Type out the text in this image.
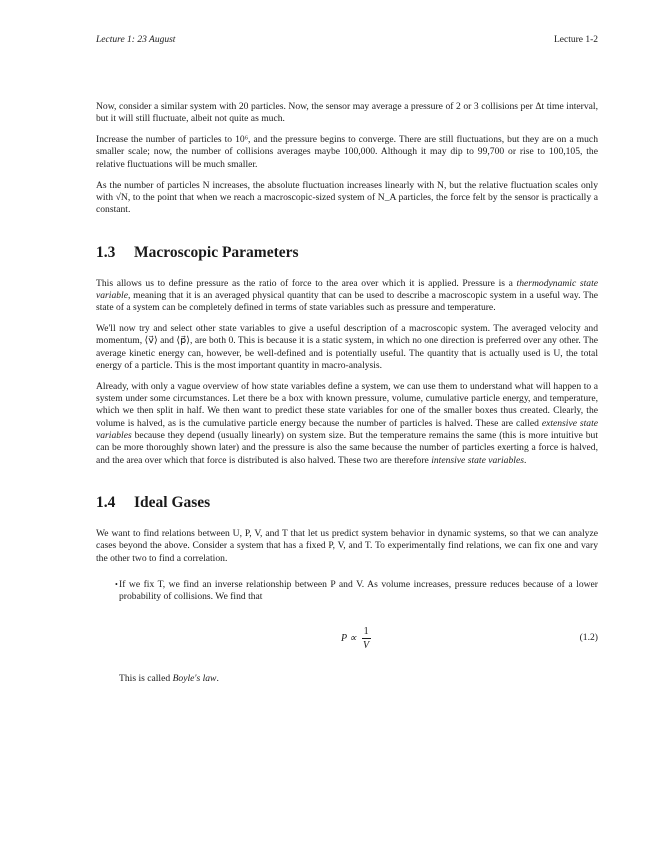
Lecture 1: 23 August	Lecture 1-2

Now, consider a similar system with 20 particles. Now, the sensor may average a pressure of 2 or 3 collisions per Δt time interval, but it will still fluctuate, albeit not quite as much.

Increase the number of particles to 10⁶, and the pressure begins to converge. There are still fluctuations, but they are on a much smaller scale; now, the number of collisions averages maybe 100,000. Although it may dip to 99,700 or rise to 100,105, the relative fluctuations will be much smaller.

As the number of particles N increases, the absolute fluctuation increases linearly with N, but the relative fluctuation scales only with √N, to the point that when we reach a macroscopic-sized system of N_A particles, the force felt by the sensor is practically a constant.

1.3 Macroscopic Parameters

This allows us to define pressure as the ratio of force to the area over which it is applied. Pressure is a thermodynamic state variable, meaning that it is an averaged physical quantity that can be used to describe a macroscopic system in a useful way. The state of a system can be completely defined in terms of state variables such as pressure and temperature.

We'll now try and select other state variables to give a useful description of a macroscopic system. The averaged velocity and momentum, ⟨v⃗⟩ and ⟨p⃗⟩, are both 0. This is because it is a static system, in which no one direction is preferred over any other. The average kinetic energy can, however, be well-defined and is potentially useful. The quantity that is actually used is U, the total energy of a particle. This is the most important quantity in macro-analysis.

Already, with only a vague overview of how state variables define a system, we can use them to understand what will happen to a system under some circumstances. Let there be a box with known pressure, volume, cumulative particle energy, and temperature, which we then split in half. We then want to predict these state variables for one of the smaller boxes thus created. Clearly, the volume is halved, as is the cumulative particle energy because the number of particles is halved. These are called extensive state variables because they depend (usually linearly) on system size. But the temperature remains the same (this is more intuitive but can be more thoroughly shown later) and the pressure is also the same because the number of particles exerting a force is halved, and the area over which that force is distributed is also halved. These two are therefore intensive state variables.

1.4 Ideal Gases

We want to find relations between U, P, V, and T that let us predict system behavior in dynamic systems, so that we can analyze cases beyond the above. Consider a system that has a fixed P, V, and T. To experimentally find relations, we can fix one and vary the other two to find a correlation.

• If we fix T, we find an inverse relationship between P and V. As volume increases, pressure reduces because of a lower probability of collisions. We find that
$P \propto \frac{1}{V}$	(1.2)

This is called Boyle's law.
